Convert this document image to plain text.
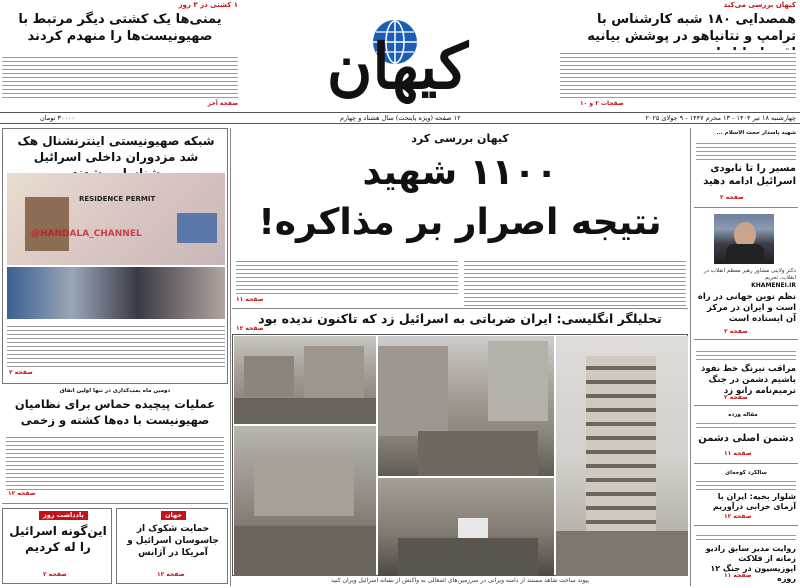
کیهان
کیهان بررسی می‌کند
همصدایی ۱۸۰ شبه کارشناس با ترامپ و نتانیاهو در پوشش بیانیه
صفحات ۲ و ۱۰
۱ کشتی در ۳ روز
یمنی‌ها یک کشتی دیگر مرتبط با صهیونیست‌ها را منهدم کردند
صفحه آخر
چهارشنبه ۱۸ تیر ۱۴۰۴ - ۱۳ محرم ۱۴۴۷ - ۹ جولای ۲۰۲۵
۱۲ صفحه (ویژه پایتخت) سال هشتاد و چهارم
۳۰۰۰۰ تومان
شهید پاسدار حجت الاسلام ...
مسیر را تا نابودی اسرائیل ادامه دهید
صفحه ۲
دکتر ولایتی مشاور رهبر معظم انقلاب در انقلاب، تحریم
KHAMENEI.IR
نظم نوین جهانی در راه است و ایران در مرکز آن ایستاده است
صفحه ۲
مراقب نیرنگ خط نفوذ باشیم دشمن در جنگ ترمیم‌نامه زانو زد
صفحه ۲
مقاله ورده
دشمن اصلی دشمن
صفحه ۱۱
سالگرد گوجه‌ای
شلوار بخیه: ایران با آزمای خرابی درآوریم
صفحه ۱۲
روایت مدیر سابق رادیو زمانه از فلاکت اپوزیسیون در جنگ ۱۲ روزه
صفحه ۱۱
کیهان بررسی کرد
۱۱۰۰ شهید
نتیجه اصرار بر مذاکره!
صفحه ۱۱
تحلیلگر انگلیسی: ایران ضرباتی به اسرائیل زد که تاکنون ندیده بود
صفحه ۱۲
پیوند ساخت شاهد مستند از دامنه ویرانی در سرزمین‌های اشغالی به واکنش از نشانه اسرائیل ویران کنید
شبکه صهیونیستی اینترنشنال هک شد مزدوران داخلی اسرائیل
RESIDENCE PERMIT
@HANDALA_CHANNEL
صفحه ۲
دومین ماه بمب‌گذاری در تنها اولین اتفاق
عملیات پیچیده حماس برای نظامیان صهیونیست با ده‌ها کشته و زخمی
صفحه ۱۲
پادداشت روز
این‌گونه اسرائیل را له کردیم
صفحه ۲
جهان
حمایت شکوک از جاسوسان اسرائیل و آمریکا در آژانس
صفحه ۱۲
